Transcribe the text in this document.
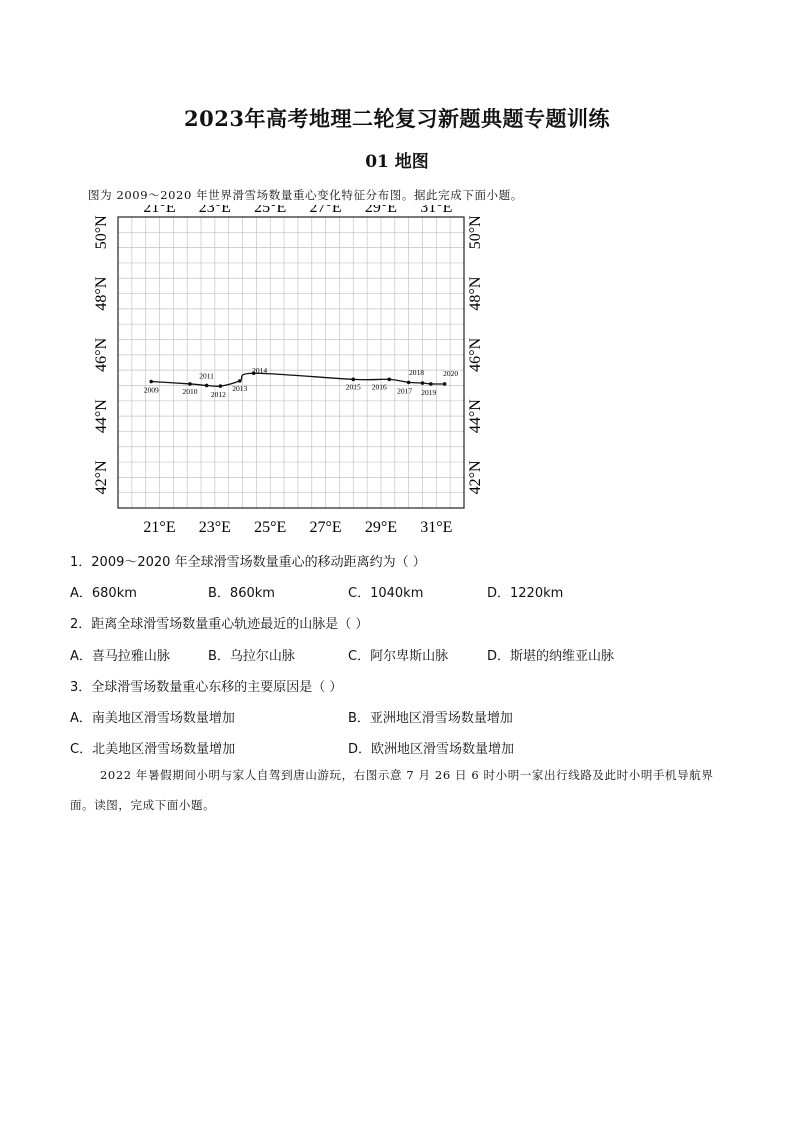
2023年高考地理二轮复习新题典题专题训练
01 地图
图为 2009～2020 年世界滑雪场数量重心变化特征分布图。据此完成下面小题。
21°E
21°E
23°E
23°E
25°E
25°E
27°E
27°E
29°E
29°E
31°E
31°E
42°N	42°N
44°N	44°N
46°N	46°N
48°N	48°N
50°N	50°N
2009	2010
2011
2012
2013
2014
2015 2016 2017
2018
2019
2020
1．2009～2020 年全球滑雪场数量重心的移动距离约为（ ）
A．680km	B．860km	C．1040km	D．1220km
2．距离全球滑雪场数量重心轨迹最近的山脉是（ ）
A．喜马拉雅山脉	B．乌拉尔山脉	C．阿尔卑斯山脉	D．斯堪的纳维亚山脉
3．全球滑雪场数量重心东移的主要原因是（ ）
A．南美地区滑雪场数量增加	B．亚洲地区滑雪场数量增加
C．北美地区滑雪场数量增加	D．欧洲地区滑雪场数量增加
2022 年暑假期间小明与家人自驾到唐山游玩，右图示意 7 月 26 日 6 时小明一家出行线路及此时小明手机导航界面。读图，完成下面小题。
